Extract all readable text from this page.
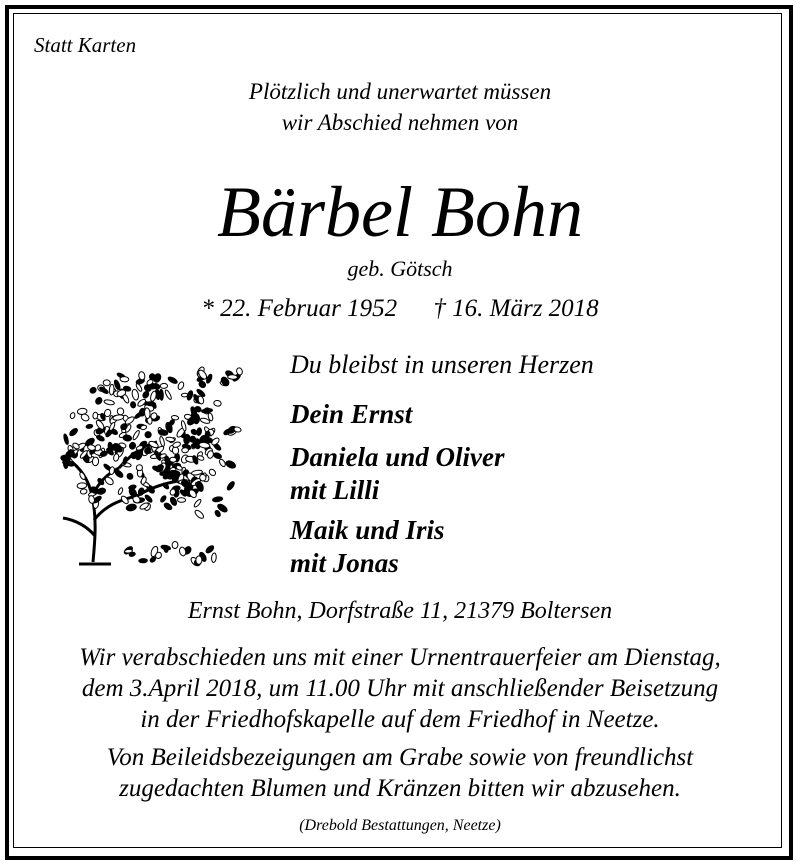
Statt Karten
Plötzlich und unerwartet müssen
wir Abschied nehmen von
Bärbel Bohn
geb. Götsch
* 22. Februar 1952 † 16. März 2018
Du bleibst in unseren Herzen
Dein Ernst
Daniela und Oliver
mit Lilli
Maik und Iris
mit Jonas
Ernst Bohn, Dorfstraße 11, 21379 Boltersen
Wir verabschieden uns mit einer Urnentrauerfeier am Dienstag,
dem 3.April 2018, um 11.00 Uhr mit anschließender Beisetzung
in der Friedhofskapelle auf dem Friedhof in Neetze.
Von Beileidsbezeigungen am Grabe sowie von freundlichst
zugedachten Blumen und Kränzen bitten wir abzusehen.
(Drebold Bestattungen, Neetze)
